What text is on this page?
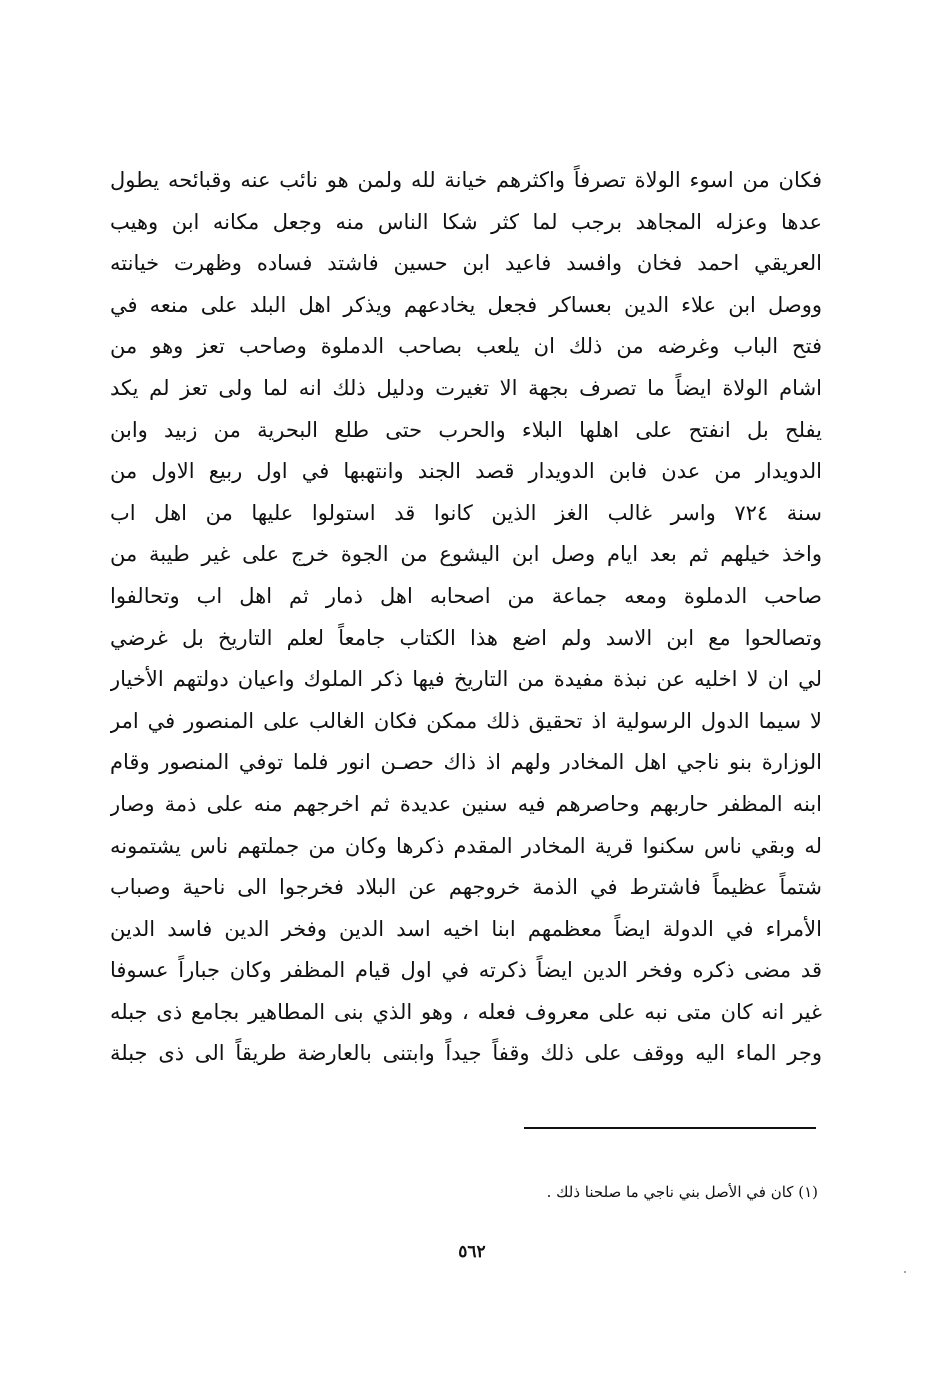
فكان من اسوء الولاة تصرفاً واكثرهم خيانة لله ولمن هو نائب عنه وقبائحه يطول
عدها وعزله المجاهد برجب لما كثر شكا الناس منه وجعل مكانه ابن وهيب
العريقي احمد فخان وافسد فاعيد ابن حسين فاشتد فساده وظهرت خيانته
ووصل ابن علاء الدين بعساكر فجعل يخادعهم ويذكر اهل البلد على منعه في
فتح الباب وغرضه من ذلك ان يلعب بصاحب الدملوة وصاحب تعز وهو من
اشام الولاة ايضاً ما تصرف بجهة الا تغيرت ودليل ذلك انه لما ولى تعز لم يكد
يفلح بل انفتح على اهلها البلاء والحرب حتى طلع البحرية من زبيد وابن
الدويدار من عدن فابن الدويدار قصد الجند وانتهبها في اول ربيع الاول من
سنة ٧٢٤ واسر غالب الغز الذين كانوا قد استولوا عليها من اهل اب
واخذ خيلهم ثم بعد ايام وصل ابن اليشوع من الجوة خرج على غير طيبة من
صاحب الدملوة ومعه جماعة من اصحابه اهل ذمار ثم اهل اب وتحالفوا
وتصالحوا مع ابن الاسد ولم اضع هذا الكتاب جامعاً لعلم التاريخ بل غرضي
لي ان لا اخليه عن نبذة مفيدة من التاريخ فيها ذكر الملوك واعيان دولتهم الأخيار
لا سيما الدول الرسولية اذ تحقيق ذلك ممكن فكان الغالب على المنصور في امر
الوزارة بنو ناجي اهل المخادر ولهم اذ ذاك حصـن انور فلما توفي المنصور وقام
ابنه المظفر حاربهم وحاصرهم فيه سنين عديدة ثم اخرجهم منه على ذمة وصار
له وبقي ناس سكنوا قرية المخادر المقدم ذكرها وكان من جملتهم ناس يشتمونه
شتماً عظيماً فاشترط في الذمة خروجهم عن البلاد فخرجوا الى ناحية وصباب
الأمراء في الدولة ايضاً معظمهم ابنا اخيه اسد الدين وفخر الدين فاسد الدين
قد مضى ذكره وفخر الدين ايضاً ذكرته في اول قيام المظفر وكان جباراً عسوفا
غير انه كان متى نبه على معروف فعله ، وهو الذي بنى المطاهير بجامع ذى جبله
وجر الماء اليه ووقف على ذلك وقفاً جيداً وابتنى بالعارضة طريقاً الى ذى جبلة
(١) كان في الأصل بني ناجي ما صلحنا ذلك .
٥٦٢
